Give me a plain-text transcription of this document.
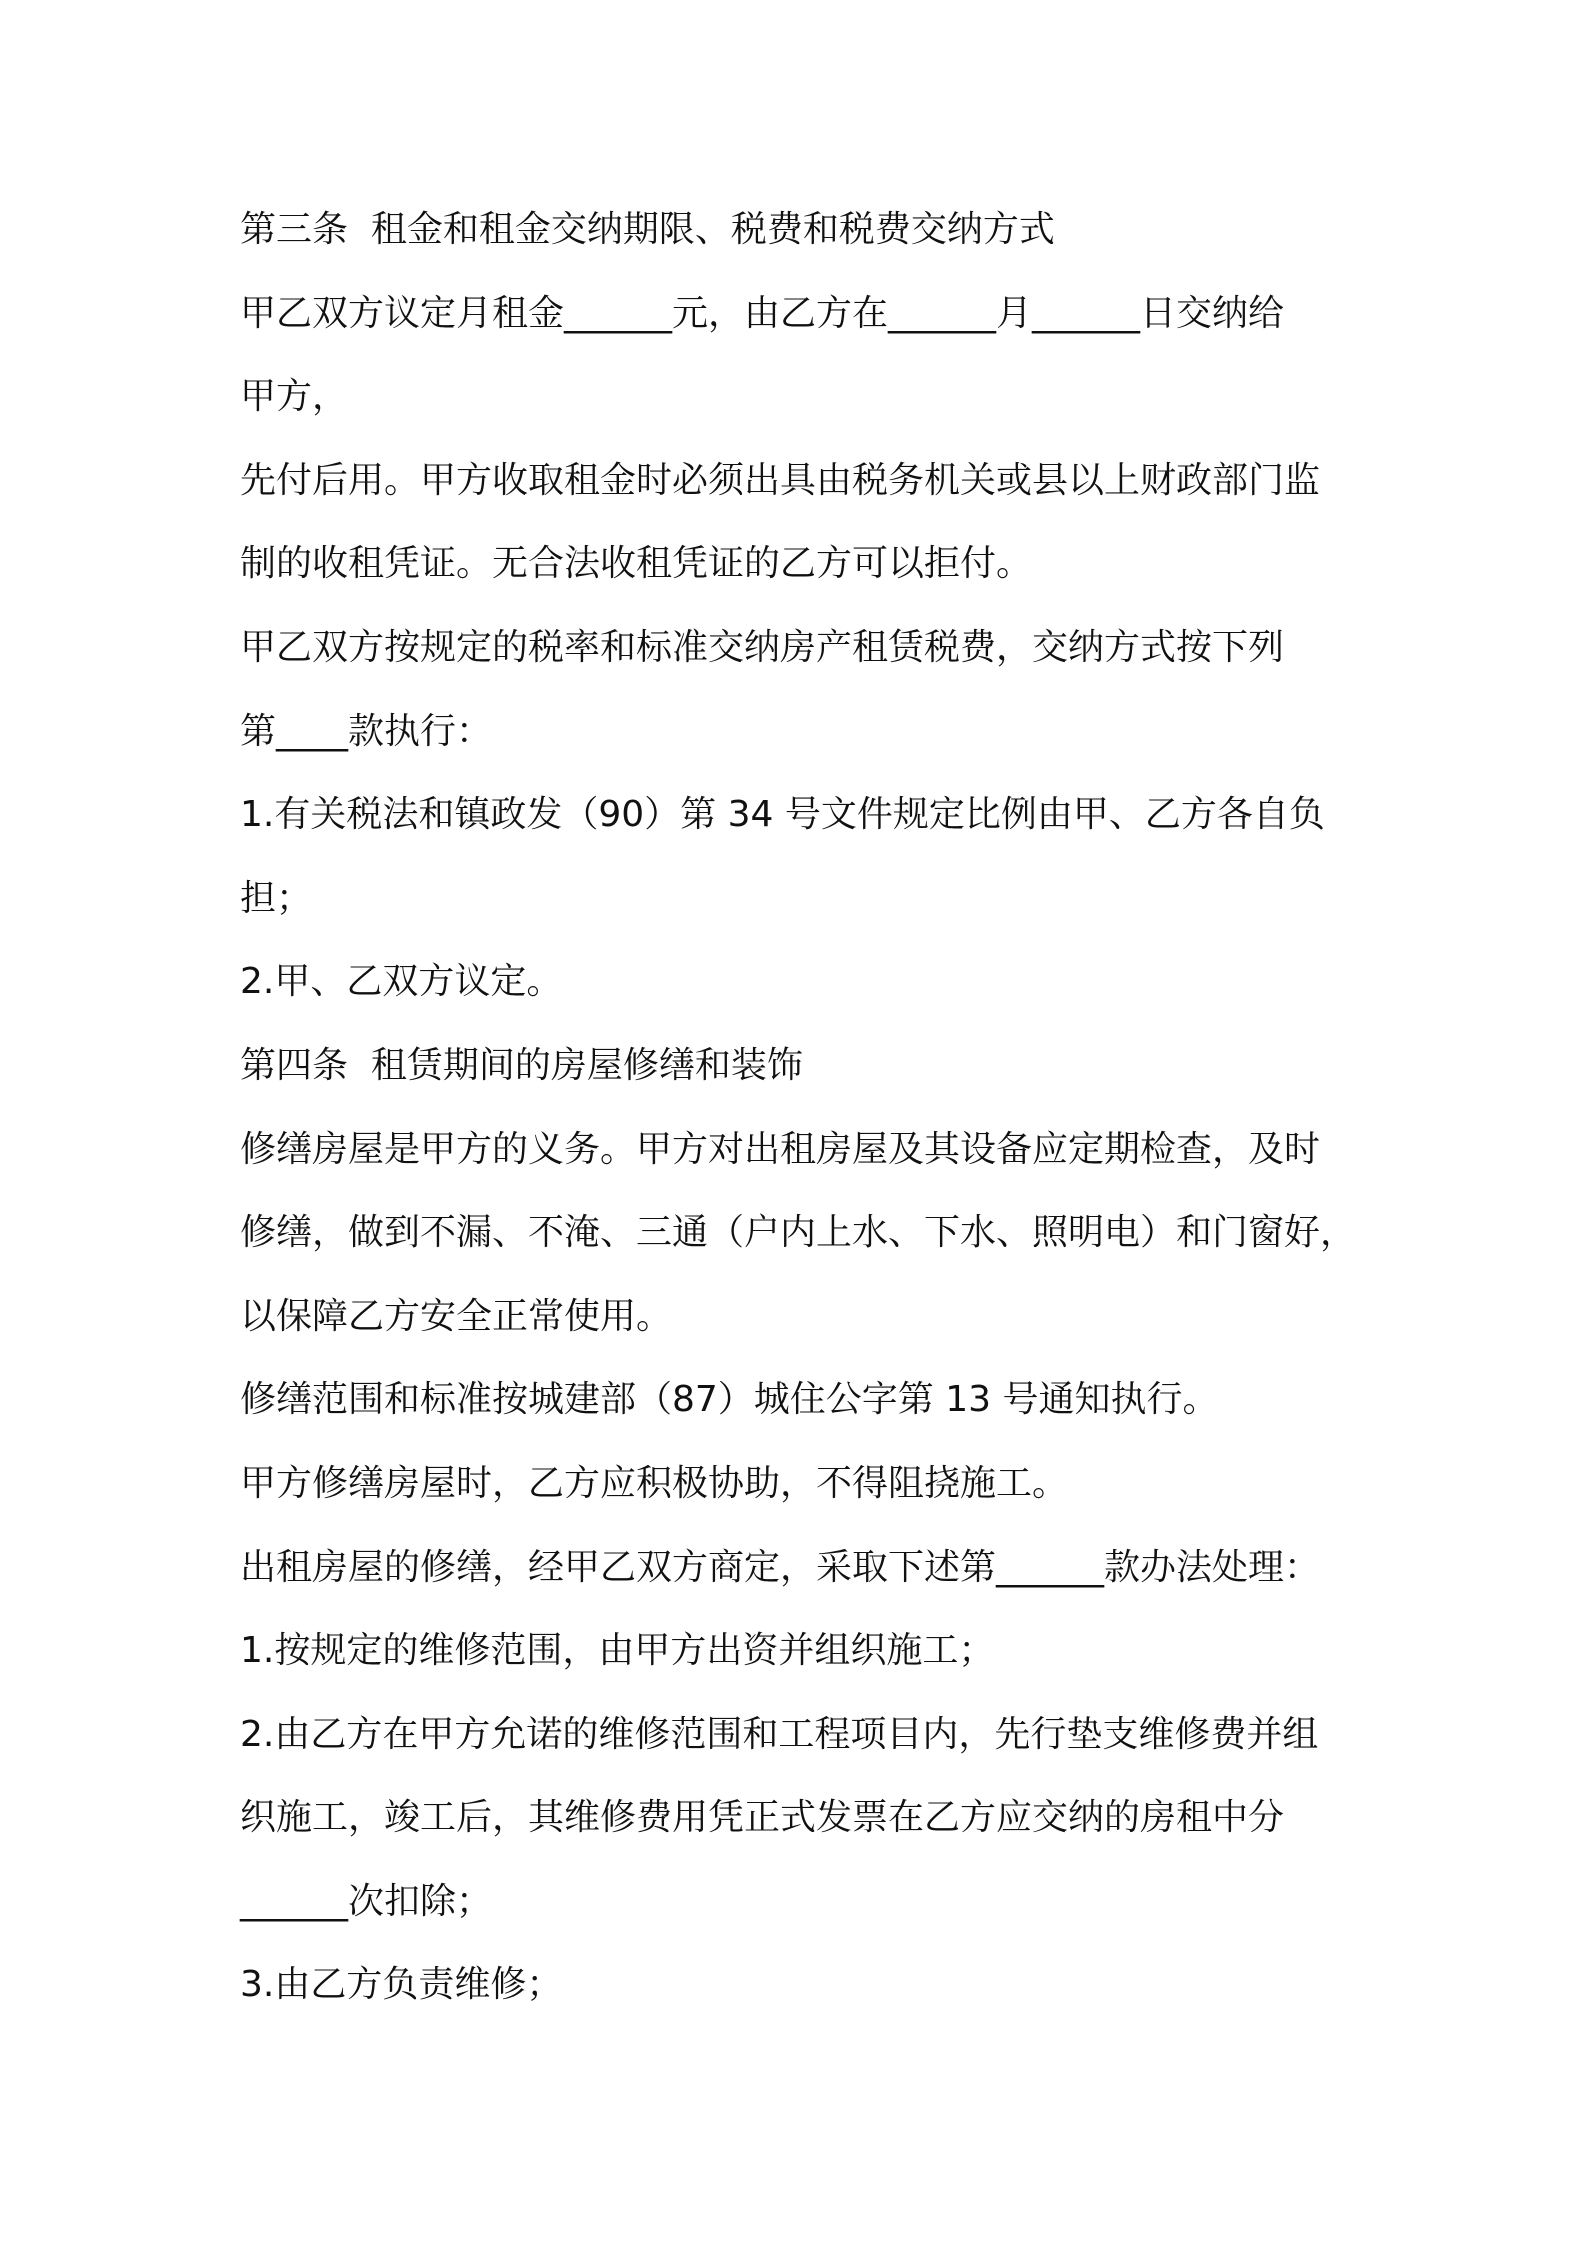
第三条  租金和租金交纳期限、税费和税费交纳方式
甲乙双方议定月租金______元，由乙方在______月______日交纳给
甲方，
先付后用。甲方收取租金时必须出具由税务机关或县以上财政部门监
制的收租凭证。无合法收租凭证的乙方可以拒付。
甲乙双方按规定的税率和标准交纳房产租赁税费，交纳方式按下列
第____款执行：
1.有关税法和镇政发（90）第 34 号文件规定比例由甲、乙方各自负
担；
2.甲、乙双方议定。
第四条  租赁期间的房屋修缮和装饰
修缮房屋是甲方的义务。甲方对出租房屋及其设备应定期检查，及时
修缮，做到不漏、不淹、三通（户内上水、下水、照明电）和门窗好，
以保障乙方安全正常使用。
修缮范围和标准按城建部（87）城住公字第 13 号通知执行。
甲方修缮房屋时，乙方应积极协助，不得阻挠施工。
出租房屋的修缮，经甲乙双方商定，采取下述第______款办法处理：
1.按规定的维修范围，由甲方出资并组织施工；
2.由乙方在甲方允诺的维修范围和工程项目内，先行垫支维修费并组
织施工，竣工后，其维修费用凭正式发票在乙方应交纳的房租中分
______次扣除；
3.由乙方负责维修；
